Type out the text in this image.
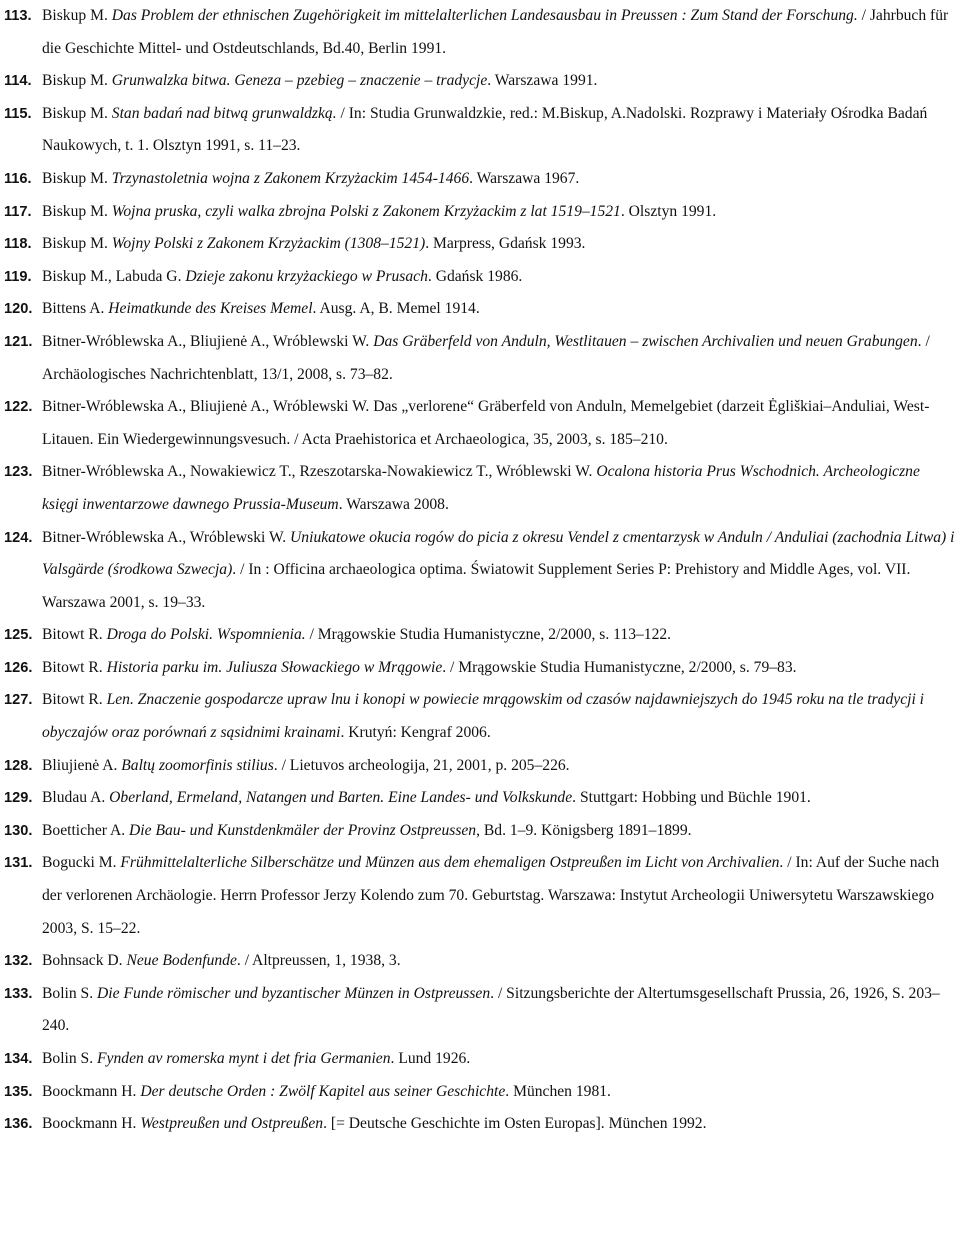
113. Biskup M. Das Problem der ethnischen Zugehörigkeit im mittelalterlichen Landesausbau in Preussen : Zum Stand der Forschung. / Jahrbuch für die Geschichte Mittel- und Ostdeutschlands, Bd.40, Berlin 1991.
114. Biskup M. Grunwalzka bitwa. Geneza – pzebieg – znaczenie – tradycje. Warszawa 1991.
115. Biskup M. Stan badań nad bitwą grunwaldzką. / In: Studia Grunwaldzkie, red.: M.Biskup, A.Nadolski. Rozprawy i Materiały Ośrodka Badań Naukowych, t. 1. Olsztyn 1991, s. 11–23.
116. Biskup M. Trzynastoletnia wojna z Zakonem Krzyżackim 1454-1466. Warszawa 1967.
117. Biskup M. Wojna pruska, czyli walka zbrojna Polski z Zakonem Krzyżackim z lat 1519–1521. Olsztyn 1991.
118. Biskup M. Wojny Polski z Zakonem Krzyżackim (1308–1521). Marpress, Gdańsk 1993.
119. Biskup M., Labuda G. Dzieje zakonu krzyżackiego w Prusach. Gdańsk 1986.
120. Bittens A. Heimatkunde des Kreises Memel. Ausg. A, B. Memel 1914.
121. Bitner-Wróblewska A., Bliujienė A., Wróblewski W. Das Gräberfeld von Anduln, Westlitauen – zwischen Archivalien und neuen Grabungen. / Archäologisches Nachrichtenblatt, 13/1, 2008, s. 73–82.
122. Bitner-Wróblewska A., Bliujienė A., Wróblewski W. Das „verlorene“ Gräberfeld von Anduln, Memelgebiet (darzeit Ėgliškiai–Anduliai, West-Litauen. Ein Wiedergewinnungsvesuch. / Acta Praehistorica et Archaeologica, 35, 2003, s. 185–210.
123. Bitner-Wróblewska A., Nowakiewicz T., Rzeszotarska-Nowakiewicz T., Wróblewski W. Ocalona historia Prus Wschodnich. Archeologiczne księgi inwentarzowe dawnego Prussia-Museum. Warszawa 2008.
124. Bitner-Wróblewska A., Wróblewski W. Uniukatowe okucia rogów do picia z okresu Vendel z cmentarzysk w Anduln / Anduliai (zachodnia Litwa) i Valsgärde (środkowa Szwecja). / In : Officina archaeologica optima. Światowit Supplement Series P: Prehistory and Middle Ages, vol. VII. Warszawa 2001, s. 19–33.
125. Bitowt R. Droga do Polski. Wspomnienia. / Mrągowskie Studia Humanistyczne, 2/2000, s. 113–122.
126. Bitowt R. Historia parku im. Juliusza Słowackiego w Mrągowie. / Mrągowskie Studia Humanistyczne, 2/2000, s. 79–83.
127. Bitowt R. Len. Znaczenie gospodarcze upraw lnu i konopi w powiecie mrągowskim od czasów najdawniejszych do 1945 roku na tle tradycji i obyczajów oraz porównań z sąsidnimi krainami. Krutyń: Kengraf 2006.
128. Bliujienė A. Baltų zoomorfinis stilius. / Lietuvos archeologija, 21, 2001, p. 205–226.
129. Bludau A. Oberland, Ermeland, Natangen und Barten. Eine Landes- und Volkskunde. Stuttgart: Hobbing und Büchle 1901.
130. Boetticher A. Die Bau- und Kunstdenkmäler der Provinz Ostpreussen, Bd. 1–9. Königsberg 1891–1899.
131. Bogucki M. Frühmittelalterliche Silberschätze und Münzen aus dem ehemaligen Ostpreußen im Licht von Archivalien. / In: Auf der Suche nach der verlorenen Archäologie. Herrn Professor Jerzy Kolendo zum 70. Geburtstag. Warszawa: Instytut Archeologii Uniwersytetu Warszawskiego 2003, S. 15–22.
132. Bohnsack D. Neue Bodenfunde. / Altpreussen, 1, 1938, 3.
133. Bolin S. Die Funde römischer und byzantischer Münzen in Ostpreussen. / Sitzungsberichte der Altertumsgesellschaft Prussia, 26, 1926, S. 203–240.
134. Bolin S. Fynden av romerska mynt i det fria Germanien. Lund 1926.
135. Boockmann H. Der deutsche Orden : Zwölf Kapitel aus seiner Geschichte. München 1981.
136. Boockmann H. Westpreußen und Ostpreußen. [= Deutsche Geschichte im Osten Europas]. München 1992.
